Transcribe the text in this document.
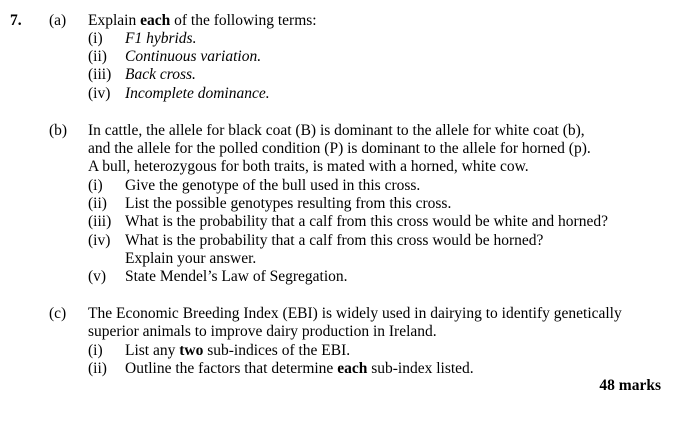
7. (a) Explain each of the following terms:
(i) F1 hybrids.
(ii) Continuous variation.
(iii) Back cross.
(iv) Incomplete dominance.
(b) In cattle, the allele for black coat (B) is dominant to the allele for white coat (b),
and the allele for the polled condition (P) is dominant to the allele for horned (p).
A bull, heterozygous for both traits, is mated with a horned, white cow.
(i) Give the genotype of the bull used in this cross.
(ii) List the possible genotypes resulting from this cross.
(iii) What is the probability that a calf from this cross would be white and horned?
(iv) What is the probability that a calf from this cross would be horned?
Explain your answer.
(v) State Mendel’s Law of Segregation.
(c) The Economic Breeding Index (EBI) is widely used in dairying to identify genetically
superior animals to improve dairy production in Ireland.
(i) List any two sub-indices of the EBI.
(ii) Outline the factors that determine each sub-index listed.
48 marks
